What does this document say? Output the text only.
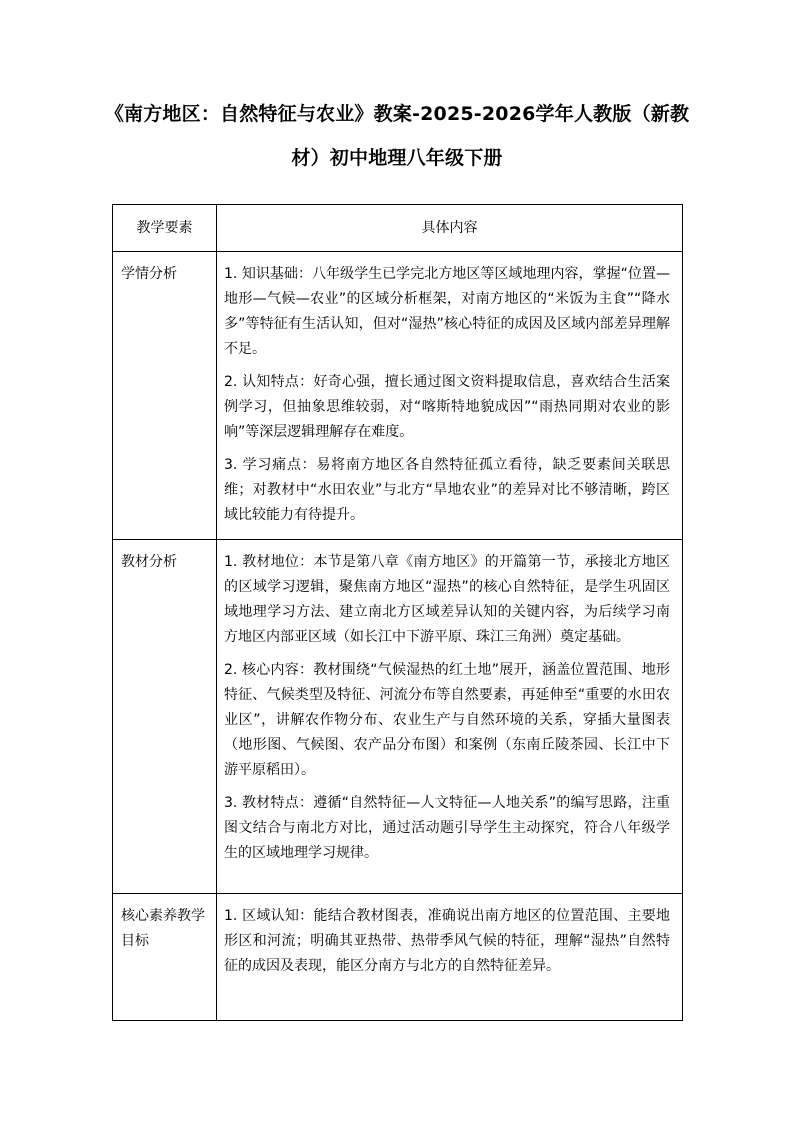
《南方地区：自然特征与农业》教案-2025-2026学年人教版（新教材）初中地理八年级下册
教学要素	具体内容
学情分析	1. 知识基础：八年级学生已学完北方地区等区域地理内容，掌握“位置—地形—气候—农业”的区域分析框架，对南方地区的“米饭为主食”“降水多”等特征有生活认知，但对“湿热”核心特征的成因及区域内部差异理解不足。

2. 认知特点：好奇心强，擅长通过图文资料提取信息，喜欢结合生活案例学习，但抽象思维较弱，对“喀斯特地貌成因”“雨热同期对农业的影响”等深层逻辑理解存在难度。

3. 学习痛点：易将南方地区各自然特征孤立看待，缺乏要素间关联思维；对教材中“水田农业”与北方“旱地农业”的差异对比不够清晰，跨区域比较能力有待提升。

教材分析	1. 教材地位：本节是第八章《南方地区》的开篇第一节，承接北方地区的区域学习逻辑，聚焦南方地区“湿热”的核心自然特征，是学生巩固区域地理学习方法、建立南北方区域差异认知的关键内容，为后续学习南方地区内部亚区域（如长江中下游平原、珠江三角洲）奠定基础。

2. 核心内容：教材围绕“气候湿热的红土地”展开，涵盖位置范围、地形特征、气候类型及特征、河流分布等自然要素，再延伸至“重要的水田农业区”，讲解农作物分布、农业生产与自然环境的关系，穿插大量图表（地形图、气候图、农产品分布图）和案例（东南丘陵茶园、长江中下游平原稻田）。

3. 教材特点：遵循“自然特征—人文特征—人地关系”的编写思路，注重图文结合与南北方对比，通过活动题引导学生主动探究，符合八年级学生的区域地理学习规律。

核心素养教学目标	1. 区域认知：能结合教材图表，准确说出南方地区的位置范围、主要地形区和河流；明确其亚热带、热带季风气候的特征，理解“湿热”自然特征的成因及表现，能区分南方与北方的自然特征差异。
